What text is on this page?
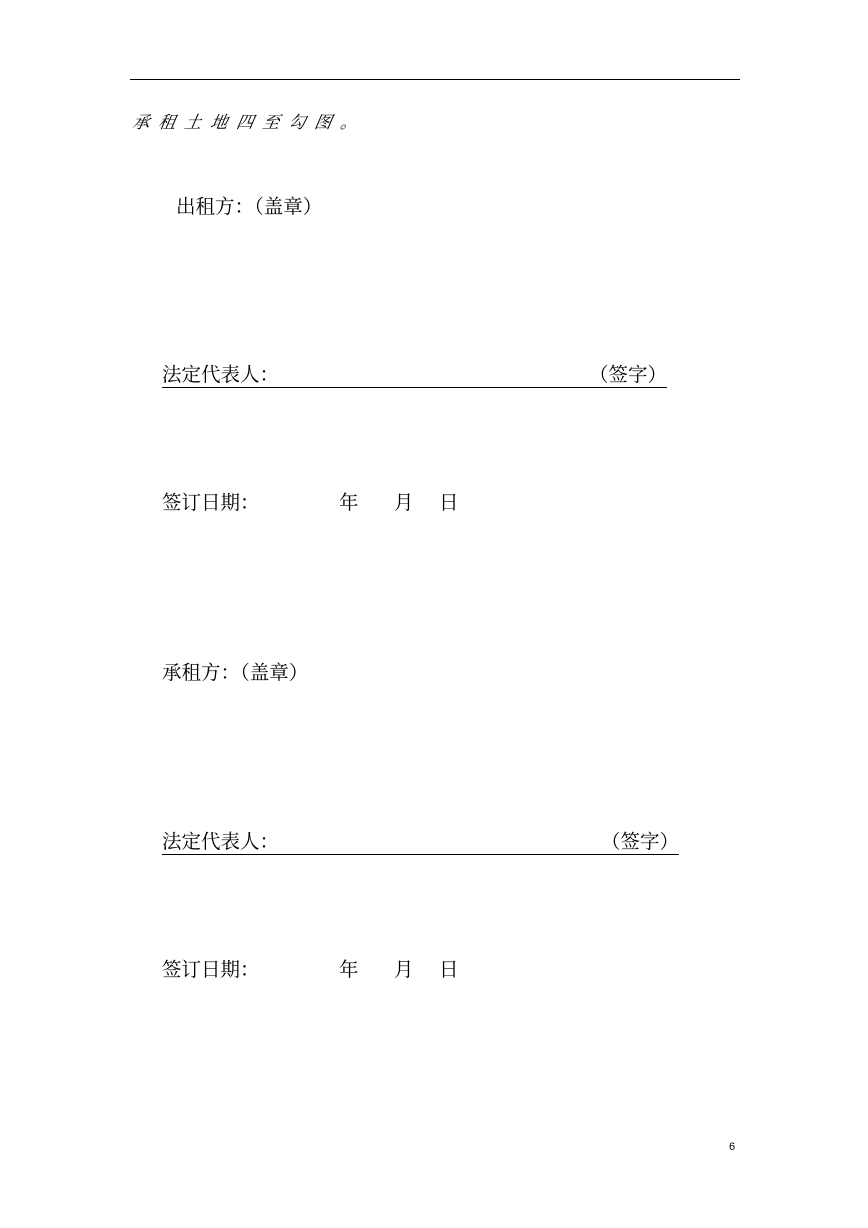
承租土地四至勾图。
出租方：（盖章）
法定代表人：	（签字）
签订日期：	年 月 日
承租方：（盖章）
法定代表人：	（签字）
签订日期：	年 月 日
6
